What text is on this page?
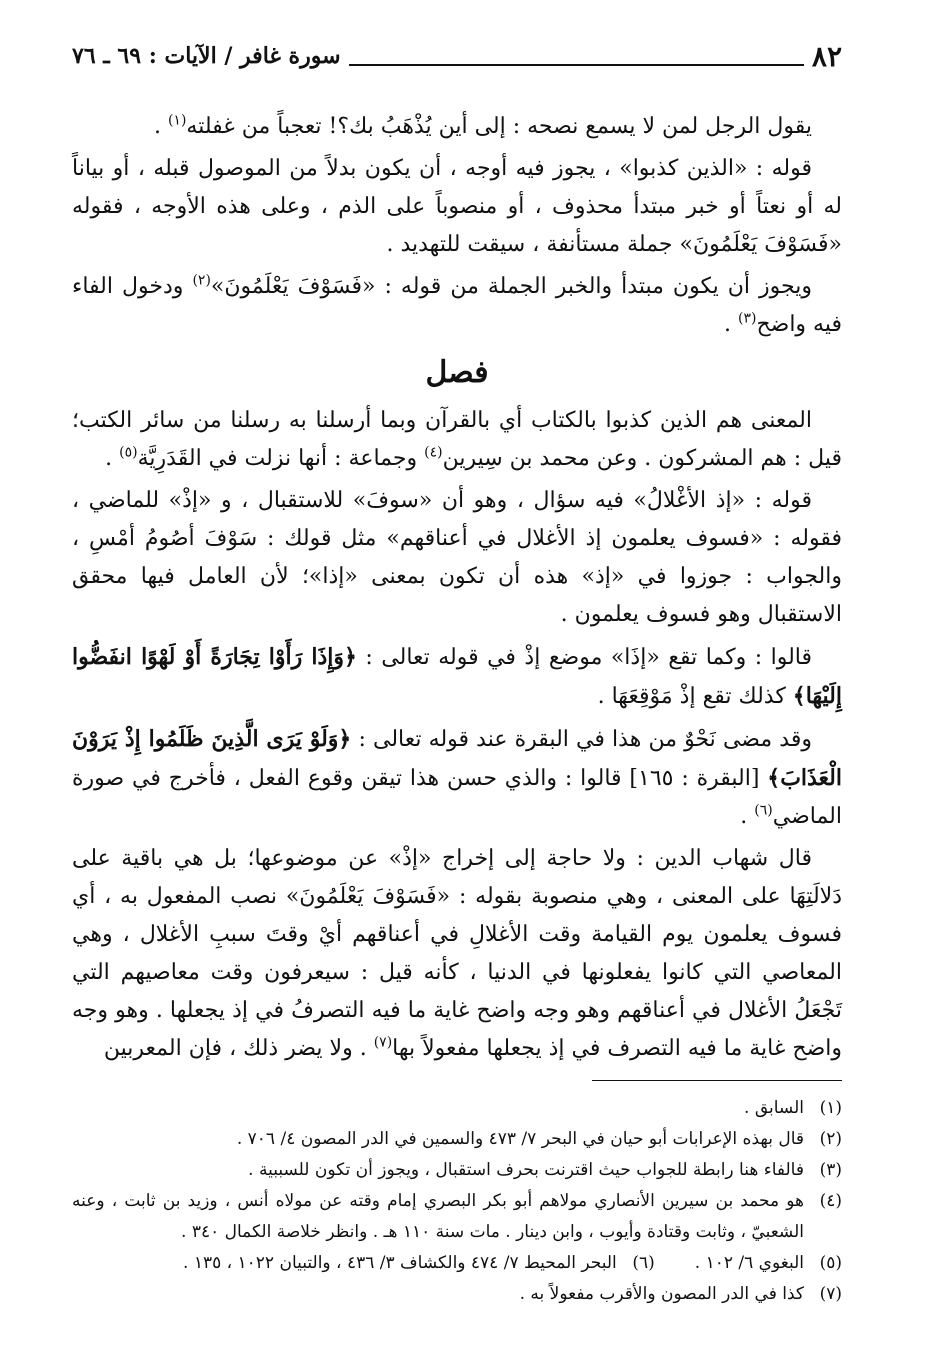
٨٢
سورة غافر / الآيات : ٦٩ ـ ٧٦

يقول الرجل لمن لا يسمع نصحه : إلى أين يُذْهَبُ بك؟! تعجباً من غفلته$^{(١)}$ .

قوله : «الذين كذبوا» ، يجوز فيه أوجه ، أن يكون بدلاً من الموصول قبله ، أو بياناً له أو نعتاً أو خبر مبتدأ محذوف ، أو منصوباً على الذم ، وعلى هذه الأوجه ، فقوله «فَسَوْفَ يَعْلَمُونَ» جملة مستأنفة ، سيقت للتهديد .

ويجوز أن يكون مبتدأ والخبر الجملة من قوله : «فَسَوْفَ يَعْلَمُونَ»$^{(٢)}$ ودخول الفاء فيه واضح$^{(٣)}$ .

فصل

المعنى هم الذين كذبوا بالكتاب أي بالقرآن وبما أرسلنا به رسلنا من سائر الكتب؛ قيل : هم المشركون . وعن محمد بن سِيرين$^{(٤)}$ وجماعة : أنها نزلت في القَدَرِيَّة$^{(٥)}$ .

قوله : «إذ الأغْلالُ» فيه سؤال ، وهو أن «سوفَ» للاستقبال ، و «إذْ» للماضي ، فقوله : «فسوف يعلمون إذ الأغلال في أعناقهم» مثل قولك : سَوْفَ أصُومُ أمْسِ ، والجواب : جوزوا في «إذ» هذه أن تكون بمعنى «إذا»؛ لأن العامل فيها محقق الاستقبال وهو فسوف يعلمون .

قالوا : وكما تقع «إذَا» موضع إذْ في قوله تعالى : ﴿وَإِذَا رَأَوْا تِجَارَةً أَوْ لَهْوًا انفَضُّوا إِلَيْهَا﴾ كذلك تقع إذْ مَوْقِعَهَا .

وقد مضى نَحْوٌ من هذا في البقرة عند قوله تعالى : ﴿وَلَوْ يَرَى الَّذِينَ ظَلَمُوا إِذْ يَرَوْنَ الْعَذَابَ﴾ [البقرة : ١٦٥] قالوا : والذي حسن هذا تيقن وقوع الفعل ، فأخرج في صورة الماضي$^{(٦)}$ .

قال شهاب الدين : ولا حاجة إلى إخراج «إذْ» عن موضوعها؛ بل هي باقية على دَلالَتِهَا على المعنى ، وهي منصوبة بقوله : «فَسَوْفَ يَعْلَمُونَ» نصب المفعول به ، أي فسوف يعلمون يوم القيامة وقت الأغلالِ في أعناقهم أيْ وقتَ سببِ الأغلال ، وهي المعاصي التي كانوا يفعلونها في الدنيا ، كأنه قيل : سيعرفون وقت معاصيهم التي تَجْعَلُ الأغلال في أعناقهم وهو وجه واضح غاية ما فيه التصرفُ في إذ يجعلها . وهو وجه واضح غاية ما فيه التصرف في إذ يجعلها مفعولاً بها$^{(٧)}$ . ولا يضر ذلك ، فإن المعربين

(١)
السابق .
(٢)
قال بهذه الإعرابات أبو حيان في البحر ٧/ ٤٧٣ والسمين في الدر المصون ٤/ ٧٠٦ .
(٣)
فالفاء هنا رابطة للجواب حيث اقترنت بحرف استقبال ، ويجوز أن تكون للسببية .
(٤)
هو محمد بن سيرين الأنصاري مولاهم أبو بكر البصري إمام وقته عن مولاه أنس ، وزيد بن ثابت ، وعنه الشعبيّ ، وثابت وقتادة وأيوب ، وابن دينار . مات سنة ١١٠ هـ . وانظر خلاصة الكمال ٣٤٠ .
(٥)
البغوي ٦/ ١٠٢ .
(٦)
البحر المحيط ٧/ ٤٧٤ والكشاف ٣/ ٤٣٦ ، والتبيان ١٠٢٢ ، ١٣٥ .
(٧)
كذا في الدر المصون والأقرب مفعولاً به .
